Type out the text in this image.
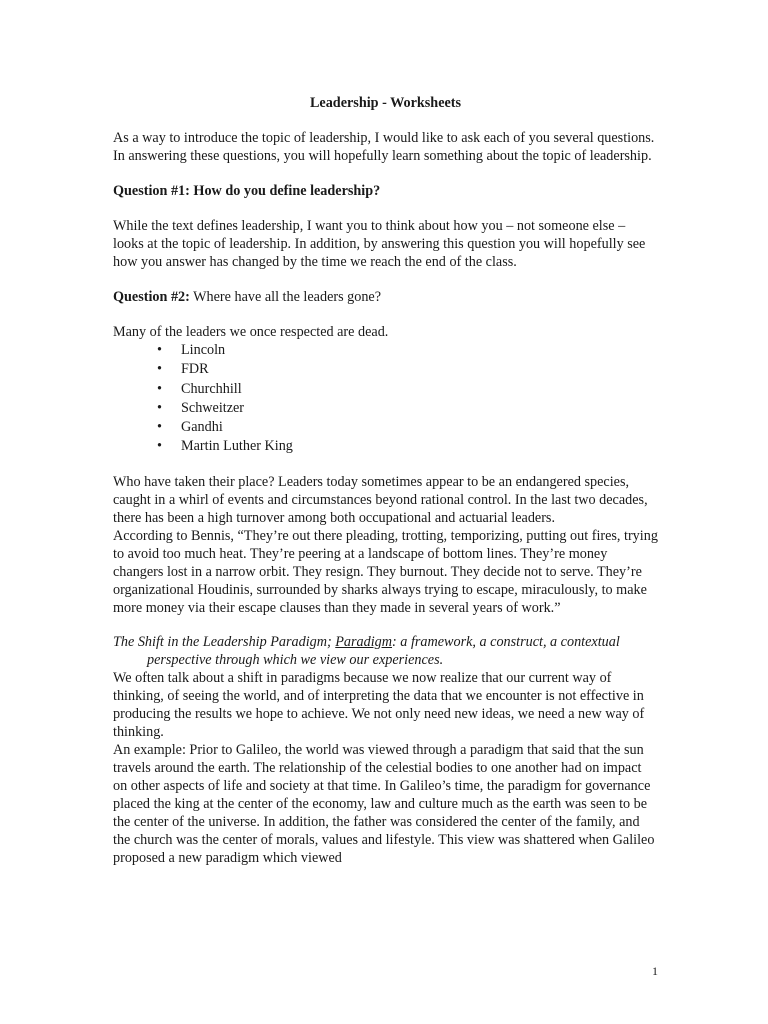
Leadership - Worksheets

As a way to introduce the topic of leadership, I would like to ask each of you several questions. In answering these questions, you will hopefully learn something about the topic of leadership.

Question #1: How do you define leadership?

While the text defines leadership, I want you to think about how you – not someone else – looks at the topic of leadership. In addition, by answering this question you will hopefully see how you answer has changed by the time we reach the end of the class.

Question #2: Where have all the leaders gone?

Many of the leaders we once respected are dead.

•	Lincoln
•	FDR
•	Churchhill
•	Schweitzer
•	Gandhi
•	Martin Luther King

Who have taken their place? Leaders today sometimes appear to be an endangered species, caught in a whirl of events and circumstances beyond rational control. In the last two decades, there has been a high turnover among both occupational and actuarial leaders.

According to Bennis, “They’re out there pleading, trotting, temporizing, putting out fires, trying to avoid too much heat. They’re peering at a landscape of bottom lines. They’re money changers lost in a narrow orbit. They resign. They burnout. They decide not to serve. They’re organizational Houdinis, surrounded by sharks always trying to escape, miraculously, to make more money via their escape clauses than they made in several years of work.”

The Shift in the Leadership Paradigm; Paradigm: a framework, a construct, a contextual

perspective through which we view our experiences.

We often talk about a shift in paradigms because we now realize that our current way of thinking, of seeing the world, and of interpreting the data that we encounter is not effective in producing the results we hope to achieve. We not only need new ideas, we need a new way of thinking.

An example: Prior to Galileo, the world was viewed through a paradigm that said that the sun travels around the earth. The relationship of the celestial bodies to one another had on impact on other aspects of life and society at that time. In Galileo’s time, the paradigm for governance placed the king at the center of the economy, law and culture much as the earth was seen to be the center of the universe. In addition, the father was considered the center of the family, and the church was the center of morals, values and lifestyle. This view was shattered when Galileo proposed a new paradigm which viewed

1
